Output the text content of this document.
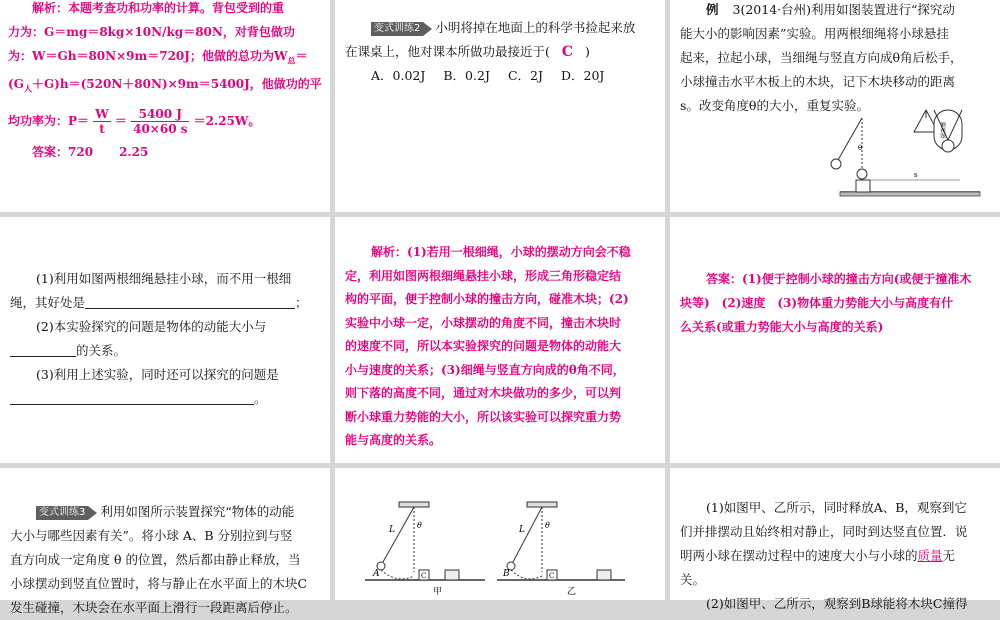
解析：本题考查功和功率的计算。背包受到的重
力为：G＝mg＝8kg×10N/kg＝80N，对背包做功
为：W＝Gh＝80N×9m＝720J；他做的总功为$W_总=$
$(G_人+G)h=(520N+80N)\times 9m=5400J$，他做功的平
均功率为：$P= \frac{W}{t} = \frac{5400 J}{40\times 60 s} =2.25W$。
答案：720 2.25
变式训练2 小明将掉在地面上的科学书捡起来放
在课桌上，他对课本所做功最接近于( C )
A．0.02J B．0.2J C．2J D．20J
例 3(2014·台州)利用如图装置进行“探究动
能大小的影响因素”实验。用两根细绳将小球悬挂
起来，拉起小球，当细绳与竖直方向成θ角后松手，
小球撞击水平木板上的木块，记下木块移动的距离
s。改变角度θ的大小，重复实验。
θ
s
侧视图
(1)利用如图两根细绳悬挂小球，而不用一根细
绳，其好处是	；
(2)本实验探究的问题是物体的动能大小与
的关系。
(3)利用上述实验，同时还可以探究的问题是
。
解析：(1)若用一根细绳，小球的摆动方向会不稳
定，利用如图两根细绳悬挂小球，形成三角形稳定结
构的平面，便于控制小球的撞击方向，碰准木块；(2)
实验中小球一定，小球摆动的角度不同，撞击木块时
的速度不同，所以本实验探究的问题是物体的动能大
小与速度的关系；(3)细绳与竖直方向成的θ角不同，
则下落的高度不同，通过对木块做功的多少，可以判
断小球重力势能的大小，所以该实验可以探究重力势
能与高度的关系。
答案：(1)便于控制小球的撞击方向(或便于撞准木
块等)　(2)速度　(3)物体重力势能大小与高度有什
么关系(或重力势能大小与高度的关系)
变式训练3 利用如图所示装置探究“物体的动能
大小与哪些因素有关”。将小球 A、B 分别拉到与竖
直方向成一定角度 θ 的位置，然后都由静止释放，当
小球摆动到竖直位置时，将与静止在水平面上的木块C
发生碰撞，木块会在水平面上滑行一段距离后停止。
A
L	θ
C
甲
B
L	θ
C
乙
(1)如图甲、乙所示，同时释放A、B，观察到它
们并排摆动且始终相对静止，同时到达竖直位置．说
明两小球在摆动过程中的速度大小与小球的质量无
关。
(2)如图甲、乙所示，观察到B球能将木块C撞得
